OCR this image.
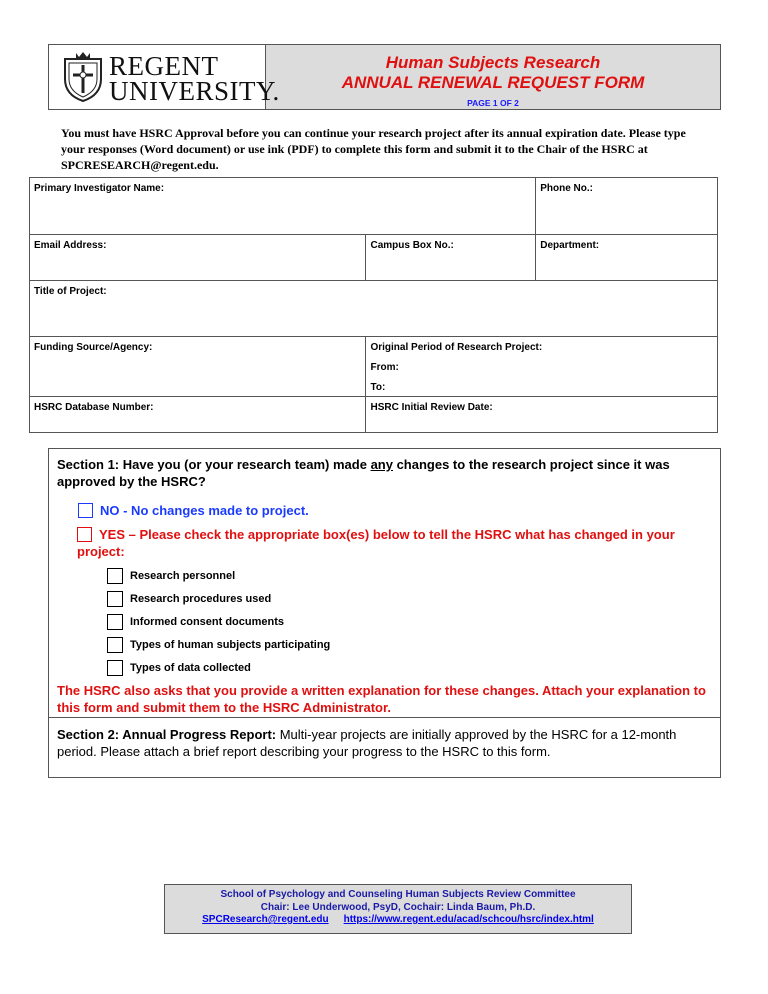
REGENT
UNIVERSITY.
Human Subjects Research
ANNUAL RENEWAL REQUEST FORM
PAGE 1 OF 2
You must have HSRC Approval before you can continue your research project after its annual expiration date. Please type your responses (Word document) or use ink (PDF) to complete this form and submit it to the Chair of the HSRC at SPCRESEARCH@regent.edu.
Primary Investigator Name:		Phone No.:
Email Address:	Campus Box No.:	Department:
Title of Project:		
Funding Source/Agency:	Original Period of Research Project:
From:
To:	

HSRC Database Number:	HSRC Initial Review Date:	
Section 1: Have you (or your research team) made any changes to the research project since it was approved by the HSRC?
NO - No changes made to project.
YES – Please check the appropriate box(es) below to tell the HSRC what has changed in your project:
Research personnel
Research procedures used
Informed consent documents
Types of human subjects participating
Types of data collected
The HSRC also asks that you provide a written explanation for these changes. Attach your explanation to this form and submit them to the HSRC Administrator.
Section 2: Annual Progress Report: Multi-year projects are initially approved by the HSRC for a 12-month period. Please attach a brief report describing your progress to the HSRC to this form.
School of Psychology and Counseling Human Subjects Review Committee
Chair: Lee Underwood, PsyD, Cochair: Linda Baum, Ph.D.
SPCResearch@regent.edu https://www.regent.edu/acad/schcou/hsrc/index.html
